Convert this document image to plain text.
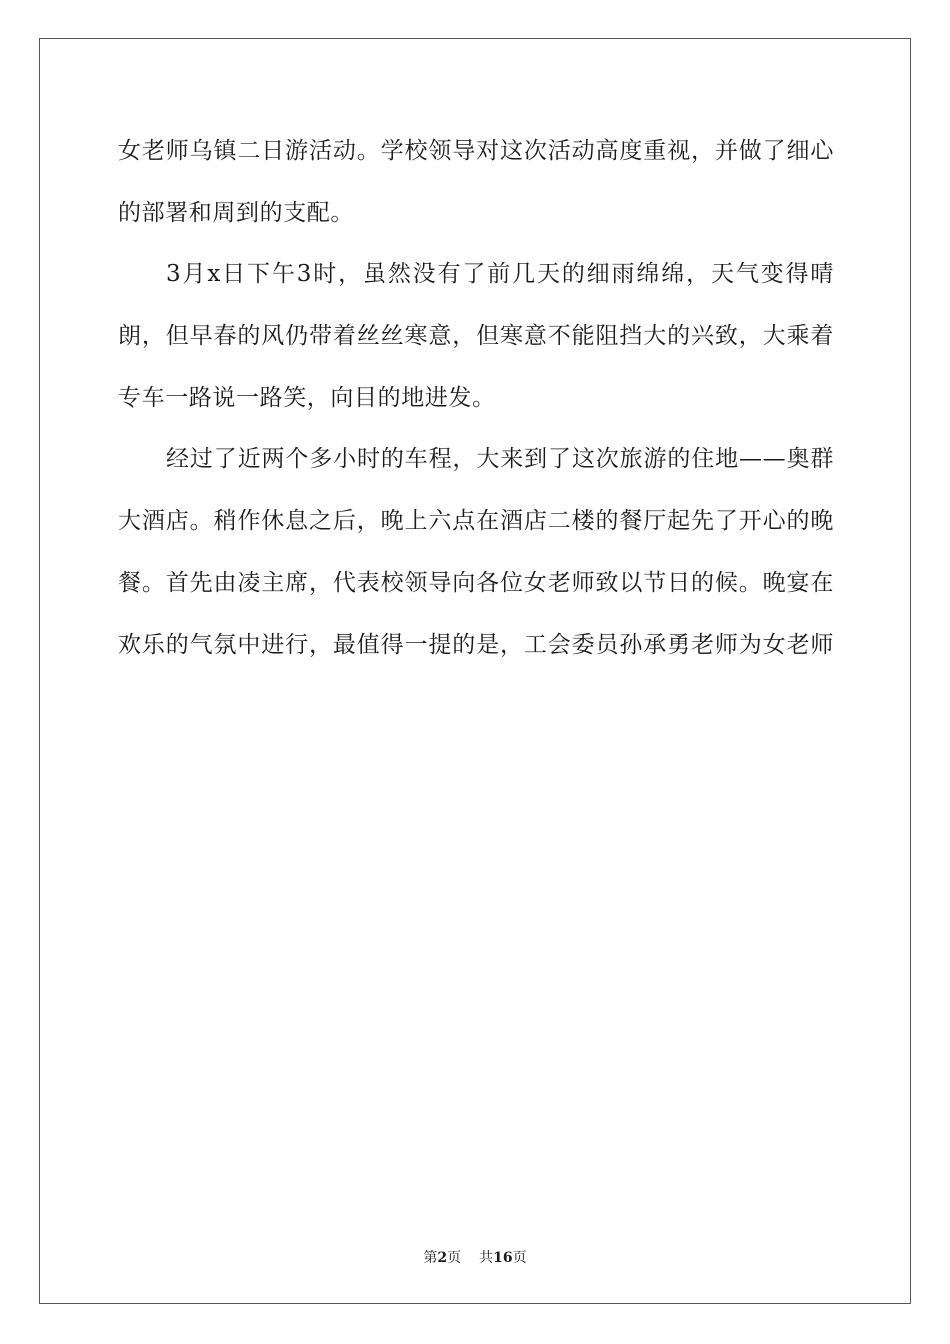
女老师乌镇二日游活动。学校领导对这次活动高度重视，并做了细心
的部署和周到的支配。
3月x日下午3时，虽然没有了前几天的细雨绵绵，天气变得晴
朗，但早春的风仍带着丝丝寒意，但寒意不能阻挡大的兴致，大乘着
专车一路说一路笑，向目的地进发。
经过了近两个多小时的车程，大来到了这次旅游的住地——奥群
大酒店。稍作休息之后，晚上六点在酒店二楼的餐厅起先了开心的晚
餐。首先由凌主席，代表校领导向各位女老师致以节日的候。晚宴在
欢乐的气氛中进行，最值得一提的是，工会委员孙承勇老师为女老师
第2页 共16页
